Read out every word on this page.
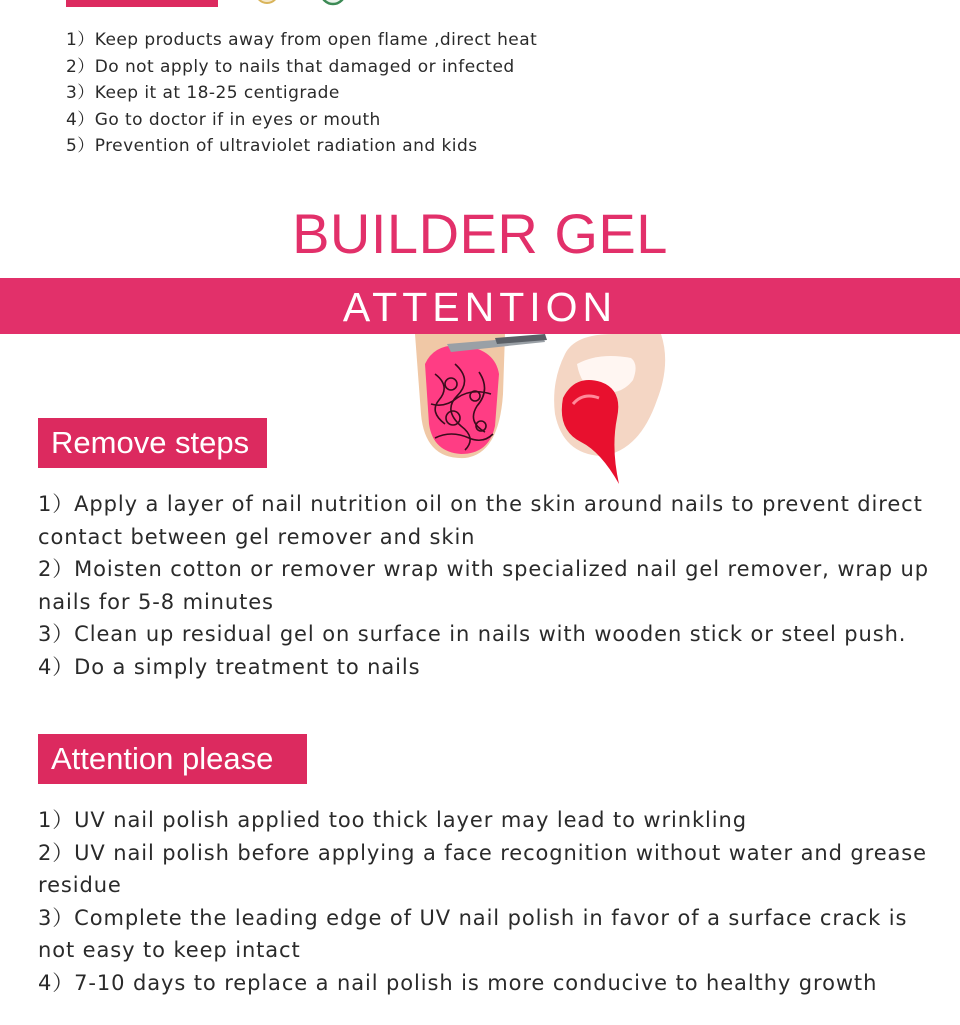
1）Keep products away from open flame ,direct heat
2）Do not apply to nails that damaged or infected
3）Keep it at 18-25 centigrade
4）Go to doctor if in eyes or mouth
5）Prevention of ultraviolet radiation and kids
BUILDER GEL
ATTENTION
Remove steps
1）Apply a layer of nail nutrition oil on the skin around nails to prevent direct contact between gel remover and skin
2）Moisten cotton or remover wrap with specialized nail gel remover, wrap up nails for 5-8 minutes
3）Clean up residual gel on surface in nails with wooden stick or steel push.
4）Do a simply treatment to nails
Attention please
1）UV nail polish applied too thick layer may lead to wrinkling
2）UV nail polish before applying a face recognition without water and grease residue
3）Complete the leading edge of UV nail polish in favor of a surface crack is not easy to keep intact
4）7-10 days to replace a nail polish is more conducive to healthy growth
